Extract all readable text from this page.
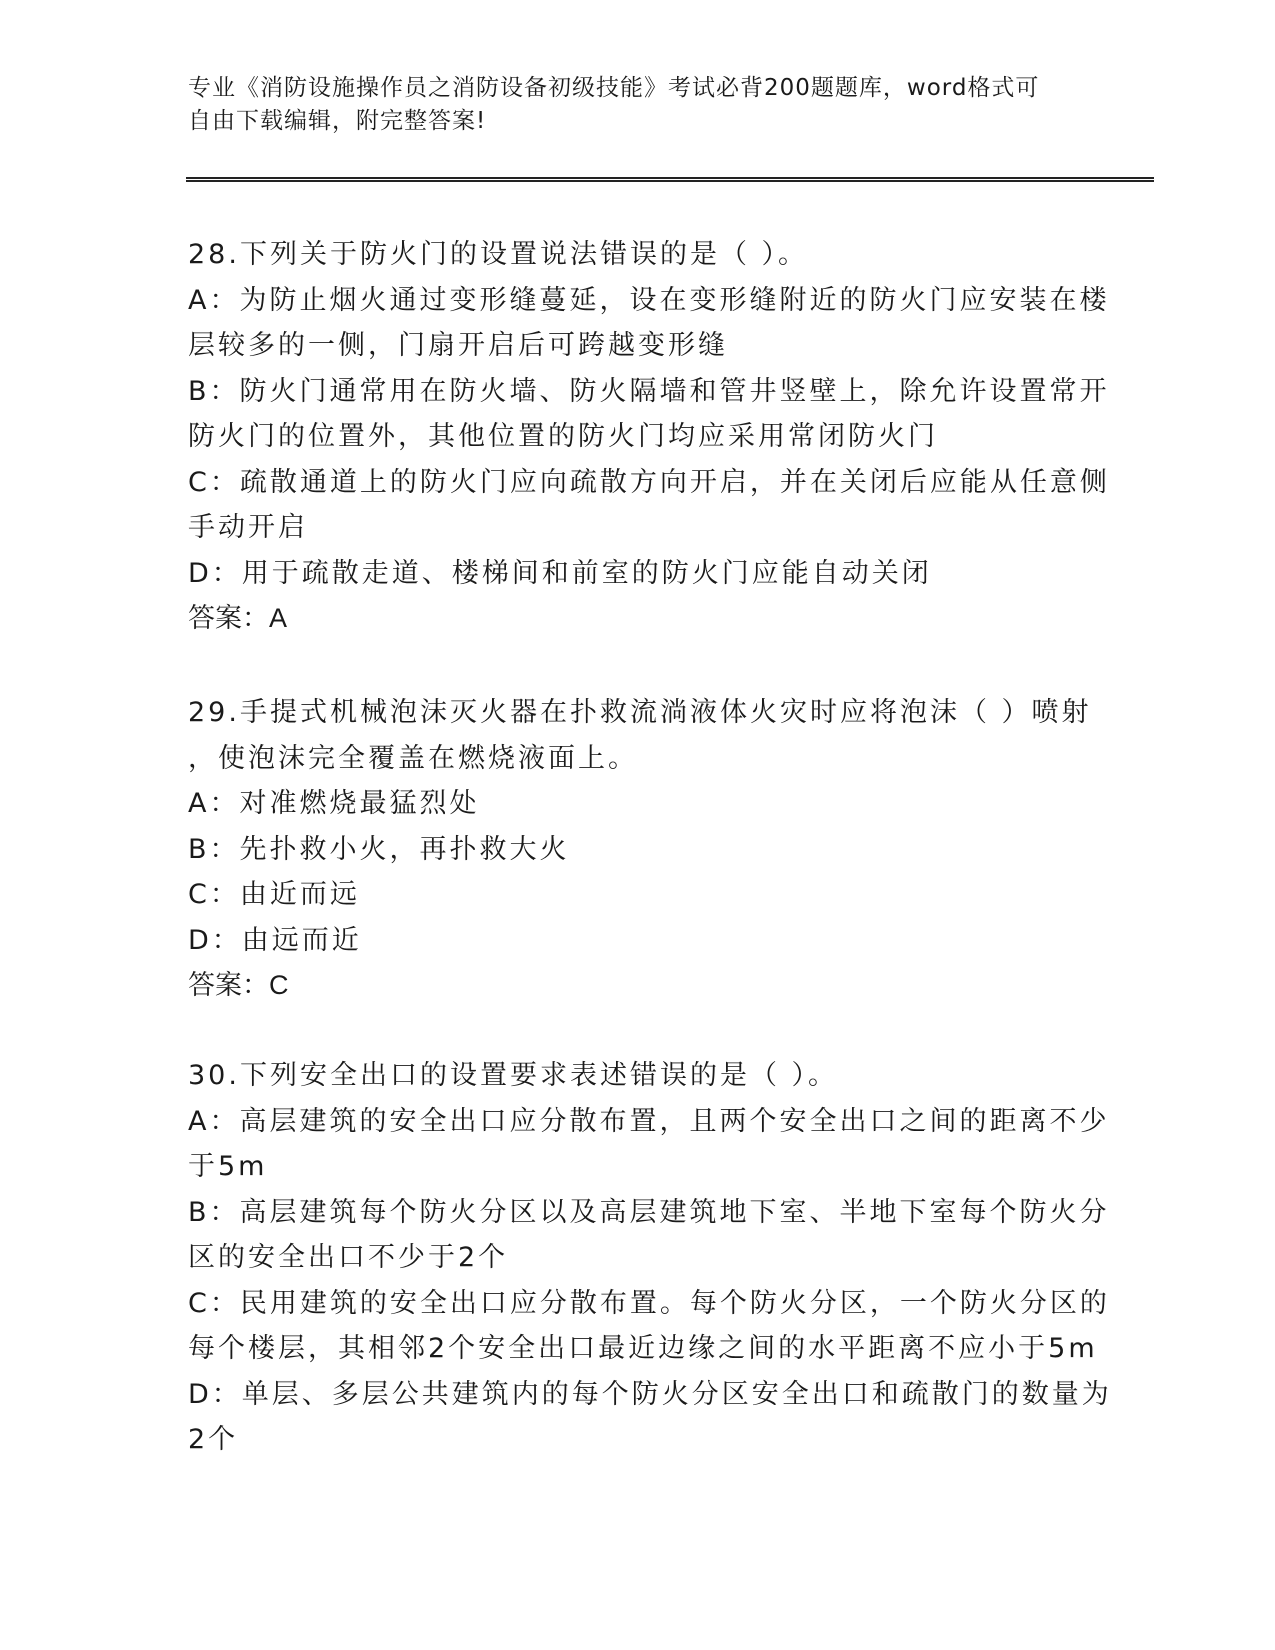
专业《消防设施操作员之消防设备初级技能》考试必背200题题库，word格式可
自由下载编辑，附完整答案!
28.下列关于防火门的设置说法错误的是（ ）。
A：为防止烟火通过变形缝蔓延，设在变形缝附近的防火门应安装在楼
层较多的一侧，门扇开启后可跨越变形缝
B：防火门通常用在防火墙、防火隔墙和管井竖壁上，除允许设置常开
防火门的位置外，其他位置的防火门均应采用常闭防火门
C：疏散通道上的防火门应向疏散方向开启，并在关闭后应能从任意侧
手动开启
D：用于疏散走道、楼梯间和前室的防火门应能自动关闭
答案：A
29.手提式机械泡沫灭火器在扑救流淌液体火灾时应将泡沫（ ）喷射
，使泡沫完全覆盖在燃烧液面上。
A：对准燃烧最猛烈处
B：先扑救小火，再扑救大火
C：由近而远
D：由远而近
答案：C
30.下列安全出口的设置要求表述错误的是（ ）。
A：高层建筑的安全出口应分散布置，且两个安全出口之间的距离不少
于5m
B：高层建筑每个防火分区以及高层建筑地下室、半地下室每个防火分
区的安全出口不少于2个
C：民用建筑的安全出口应分散布置。每个防火分区，一个防火分区的
每个楼层，其相邻2个安全出口最近边缘之间的水平距离不应小于5m
D：单层、多层公共建筑内的每个防火分区安全出口和疏散门的数量为
2个
